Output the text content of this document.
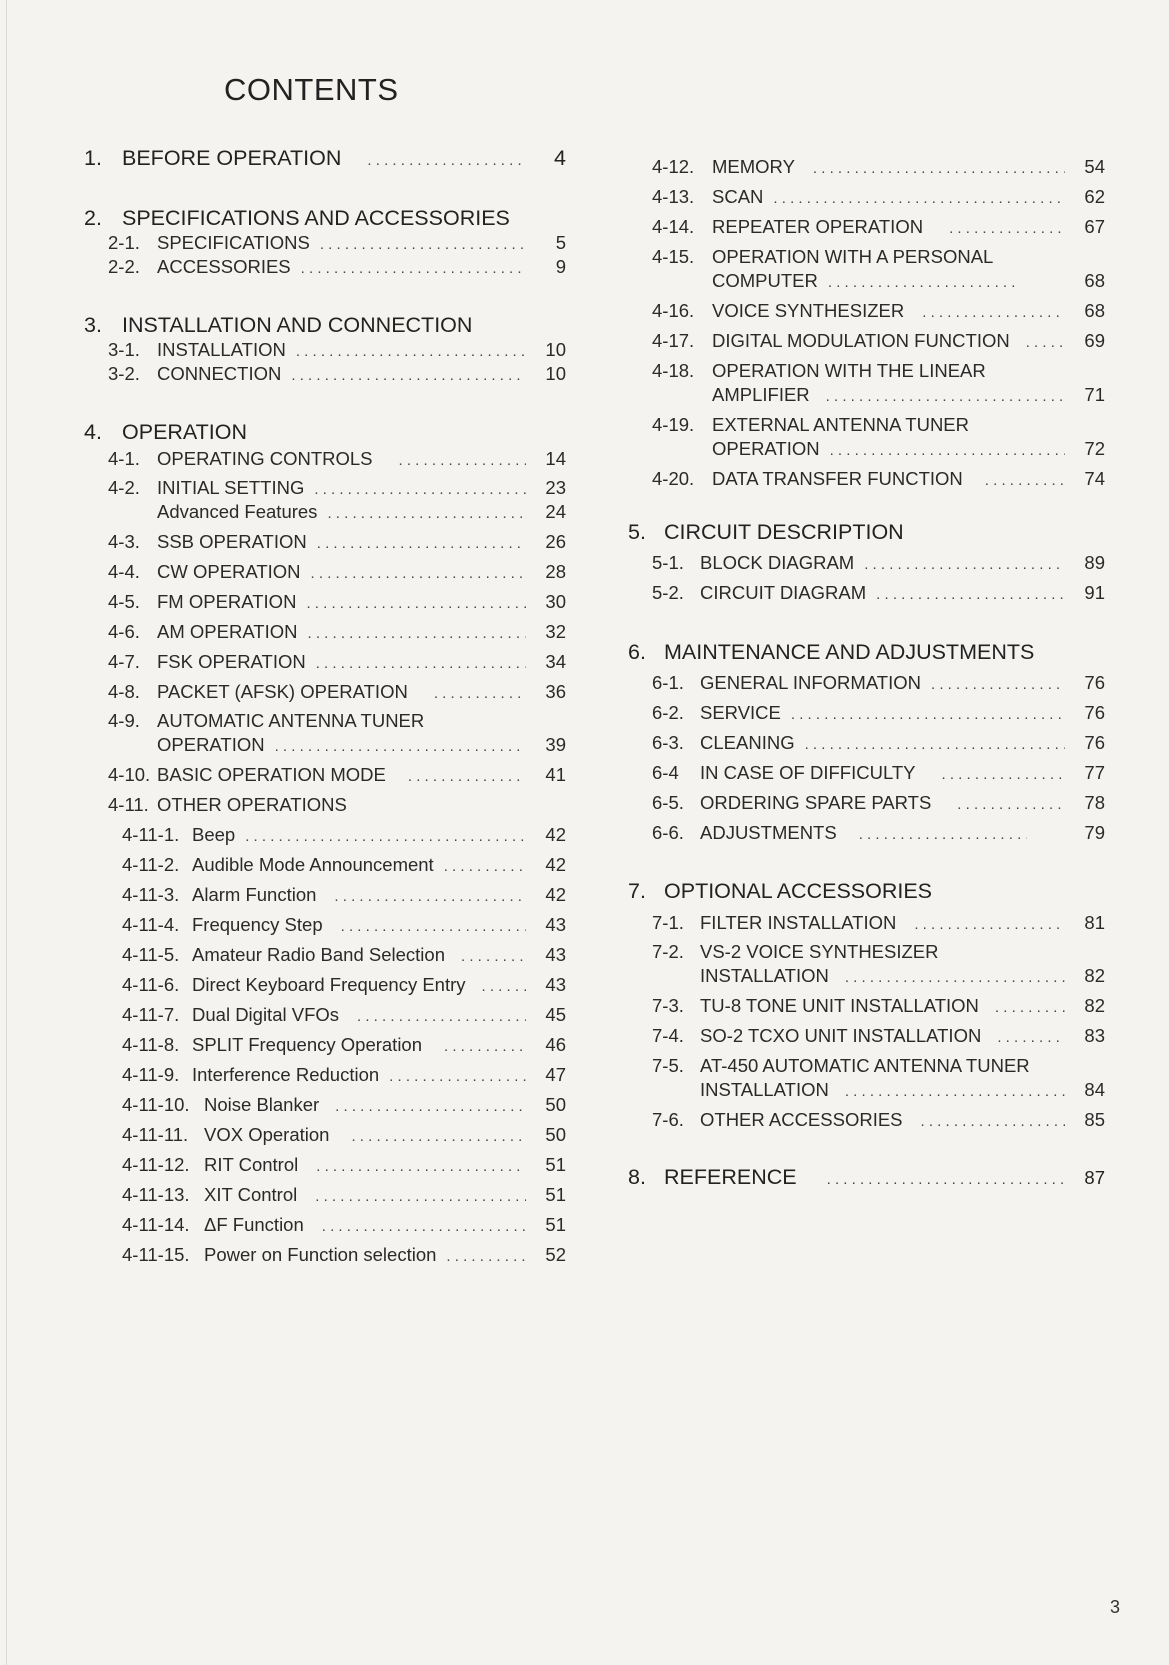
CONTENTS
1. BEFORE OPERATION . . .	4
2. SPECIFICATIONS AND ACCESSORIES
2-1. SPECIFICATIONS . . .	5
2-2. ACCESSORIES . . .	9
3. INSTALLATION AND CONNECTION
3-1. INSTALLATION . . .	10
3-2. CONNECTION . . .	10
4. OPERATION
4-1. OPERATING CONTROLS . . .	14
4-2. INITIAL SETTING . . .	23
Advanced Features . . .	24
4-3. SSB OPERATION . . .	26
4-4. CW OPERATION . . .	28
4-5. FM OPERATION . . .	30
4-6. AM OPERATION . . .	32
4-7. FSK OPERATION . . .	34
4-8. PACKET (AFSK) OPERATION . . .	36
4-9. AUTOMATIC ANTENNA TUNER
OPERATION . . .	39
4-10. BASIC OPERATION MODE . . .	41
4-11. OTHER OPERATIONS
4-11-1. Beep . . .	42
4-11-2. Audible Mode Announcement . . .	42
4-11-3. Alarm Function . . .	42
4-11-4. Frequency Step . . .	43
4-11-5. Amateur Radio Band Selection . . .	43
4-11-6. Direct Keyboard Frequency Entry . . .	43
4-11-7. Dual Digital VFOs . . .	45
4-11-8. SPLIT Frequency Operation . . .	46
4-11-9. Interference Reduction . . .	47
4-11-10. Noise Blanker . . .	50
4-11-11. VOX Operation . . .	50
4-11-12. RIT Control . . .	51
4-11-13. XIT Control . . .	51
4-11-14. ΔF Function . . .	51
4-11-15. Power on Function selection . . .	52
4-12. MEMORY . . .	54
4-13. SCAN . . .	62
4-14. REPEATER OPERATION . . .	67
4-15. OPERATION WITH A PERSONAL
COMPUTER . . .	68
4-16. VOICE SYNTHESIZER . . .	68
4-17. DIGITAL MODULATION FUNCTION . . .	69
4-18. OPERATION WITH THE LINEAR
AMPLIFIER . . .	71
4-19. EXTERNAL ANTENNA TUNER
OPERATION . . .	72
4-20. DATA TRANSFER FUNCTION . . .	74
5. CIRCUIT DESCRIPTION
5-1. BLOCK DIAGRAM . . .	89
5-2. CIRCUIT DIAGRAM . . .	91
6. MAINTENANCE AND ADJUSTMENTS
6-1. GENERAL INFORMATION . . .	76
6-2. SERVICE . . .	76
6-3. CLEANING . . .	76
6-4	IN CASE OF DIFFICULTY . . .	77
6-5. ORDERING SPARE PARTS . . .	78
6-6. ADJUSTMENTS . . .	79
7. OPTIONAL ACCESSORIES
7-1. FILTER INSTALLATION . . .	81
7-2. VS-2 VOICE SYNTHESIZER
INSTALLATION . . .	82
7-3. TU-8 TONE UNIT INSTALLATION . . .	82
7-4. SO-2 TCXO UNIT INSTALLATION . . .	83
7-5. AT-450 AUTOMATIC ANTENNA TUNER
INSTALLATION . . .	84
7-6. OTHER ACCESSORIES . . .	85
8. REFERENCE . . .	87
3
